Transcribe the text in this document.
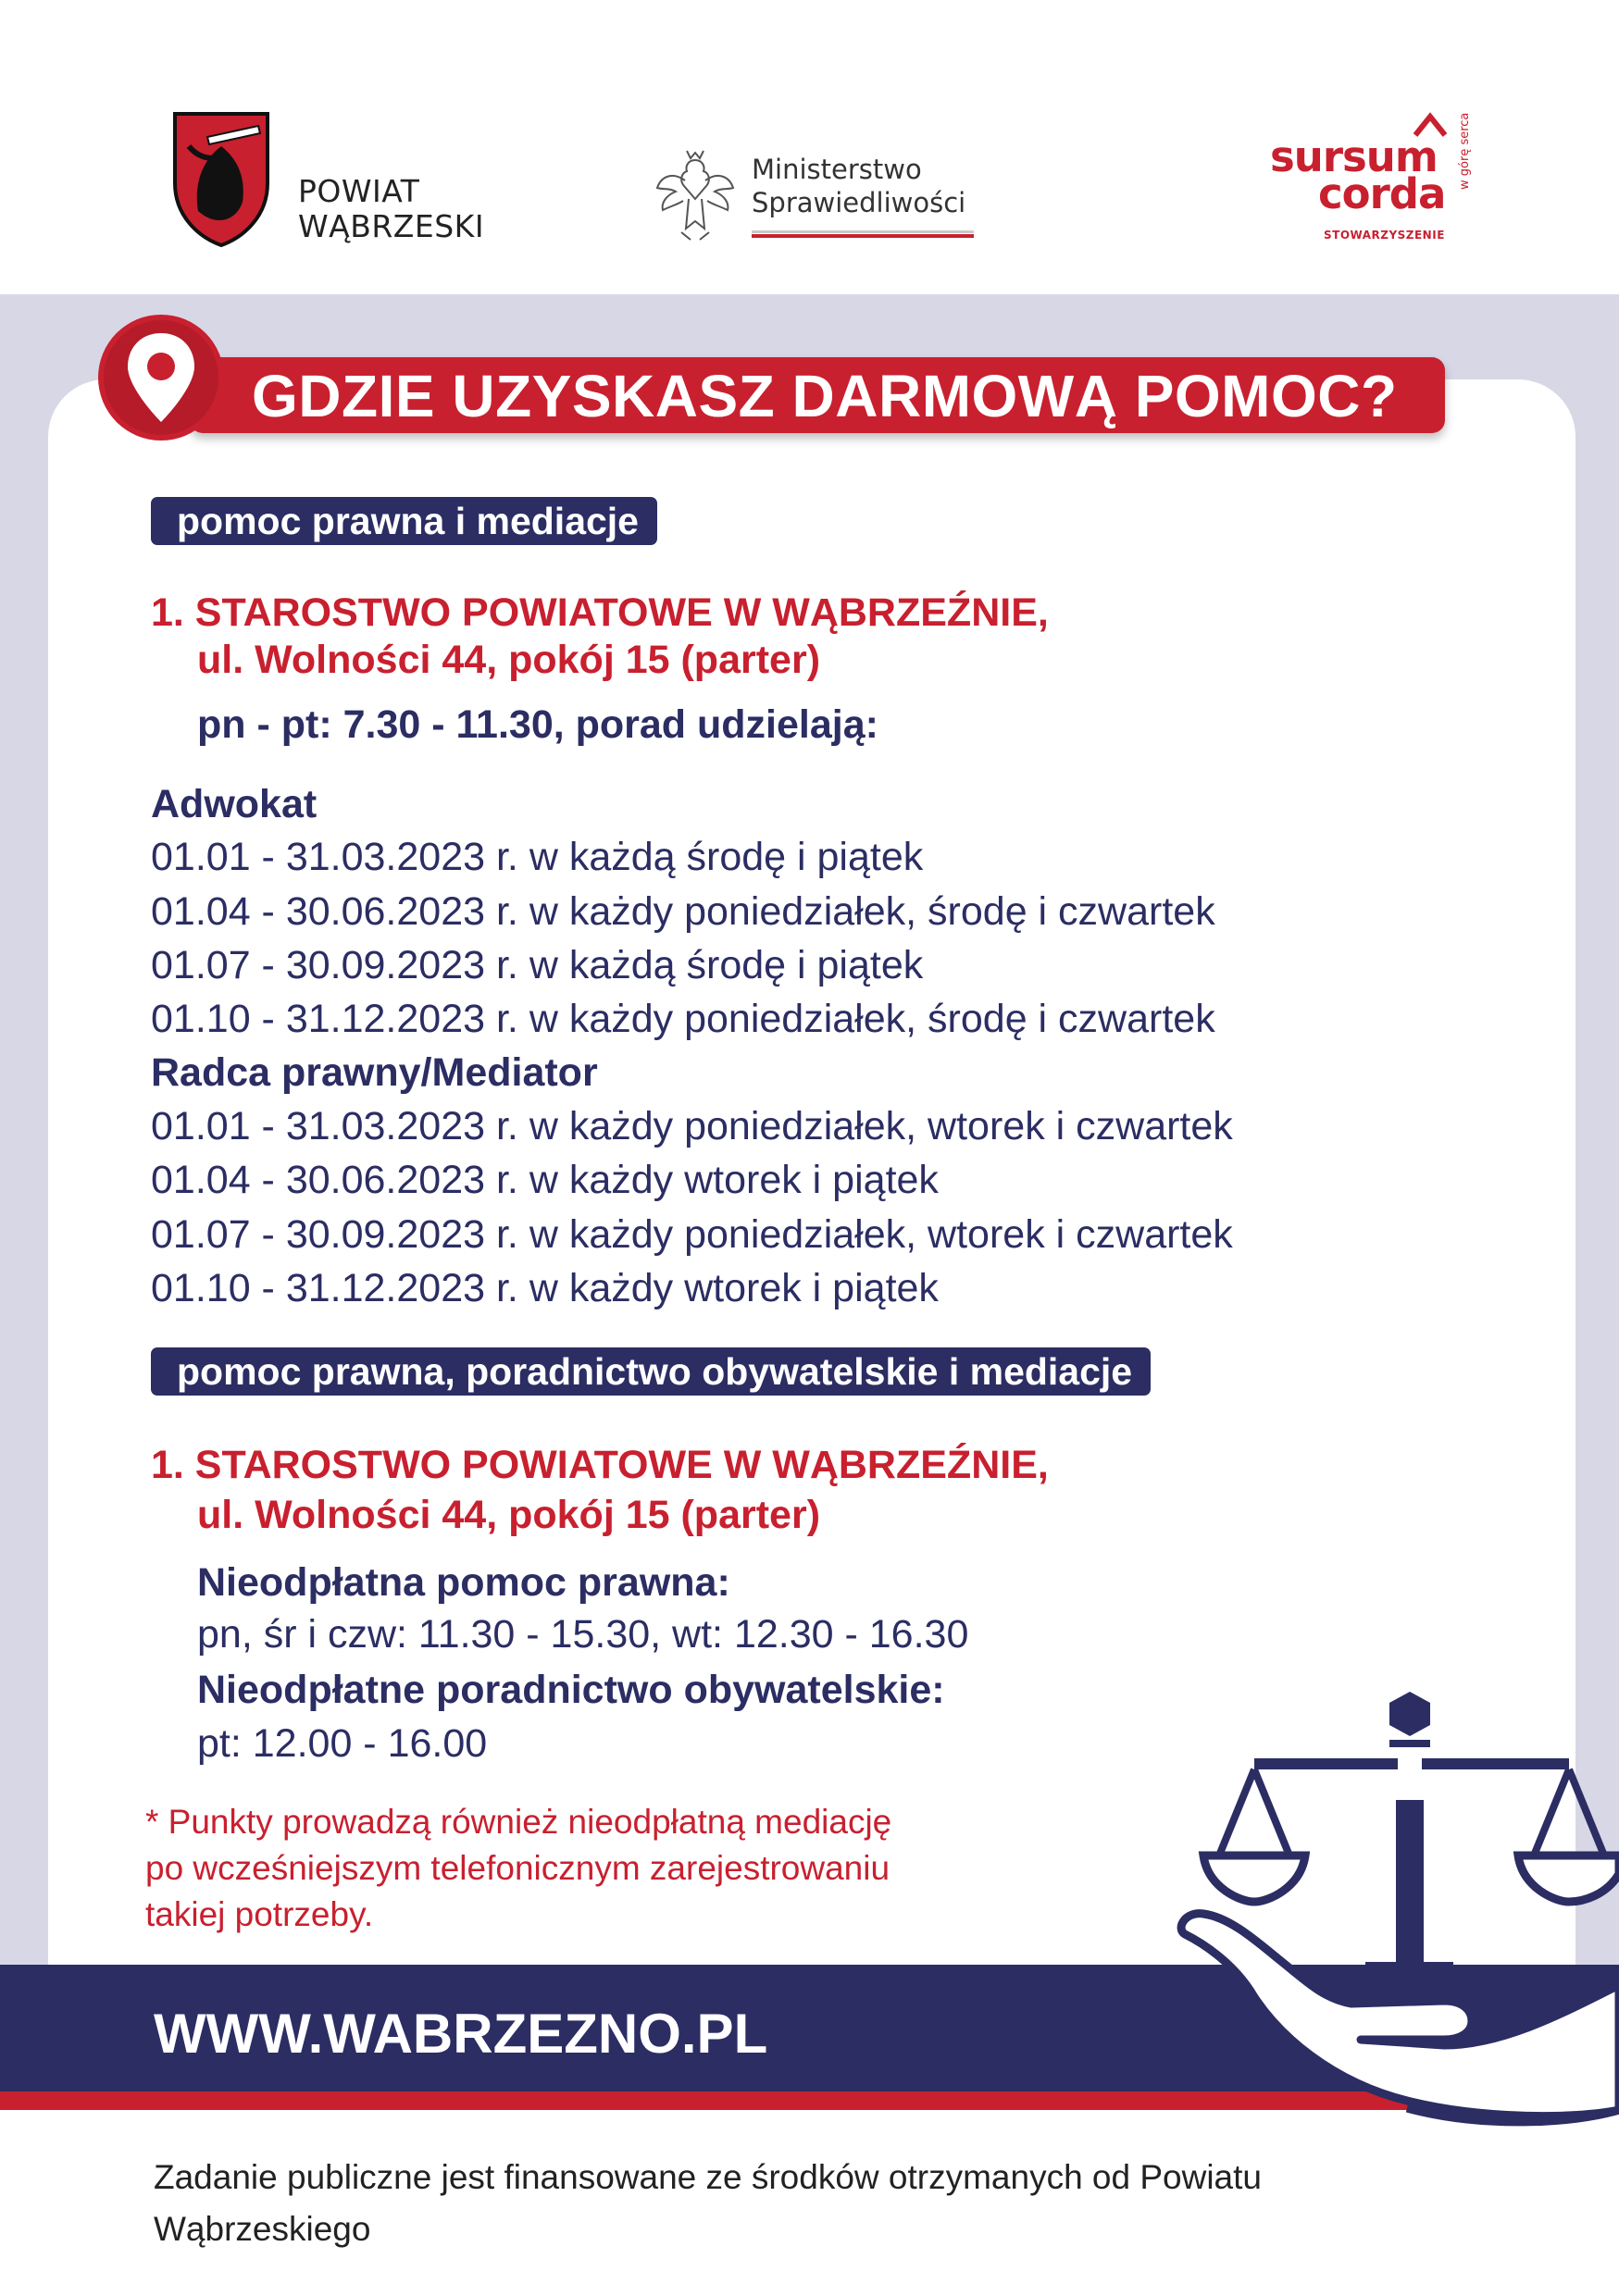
POWIAT
WĄBRZESKI
Ministerstwo
Sprawiedliwości
sursum
corda
STOWARZYSZENIE
w górę serca
GDZIE UZYSKASZ DARMOWĄ POMOC?
pomoc prawna i mediacje
1. STAROSTWO POWIATOWE W WĄBRZEŹNIE,
ul. Wolności 44, pokój 15 (parter)
pn - pt: 7.30 - 11.30, porad udzielają:
Adwokat
01.01 - 31.03.2023 r. w każdą środę i piątek
01.04 - 30.06.2023 r. w każdy poniedziałek, środę i czwartek
01.07 - 30.09.2023 r. w każdą środę i piątek
01.10 - 31.12.2023 r. w każdy poniedziałek, środę i czwartek
Radca prawny/Mediator
01.01 - 31.03.2023 r. w każdy poniedziałek, wtorek i czwartek
01.04 - 30.06.2023 r. w każdy wtorek i piątek
01.07 - 30.09.2023 r. w każdy poniedziałek, wtorek i czwartek
01.10 - 31.12.2023 r. w każdy wtorek i piątek
pomoc prawna, poradnictwo obywatelskie i mediacje
1. STAROSTWO POWIATOWE W WĄBRZEŹNIE,
ul. Wolności 44, pokój 15 (parter)
Nieodpłatna pomoc prawna:
pn, śr i czw: 11.30 - 15.30, wt: 12.30 - 16.30
Nieodpłatne poradnictwo obywatelskie:
pt: 12.00 - 16.00
* Punkty prowadzą również nieodpłatną mediację
po wcześniejszym telefonicznym zarejestrowaniu
takiej potrzeby.
WWW.WABRZEZNO.PL
Zadanie publiczne jest finansowane ze środków otrzymanych od Powiatu
Wąbrzeskiego
